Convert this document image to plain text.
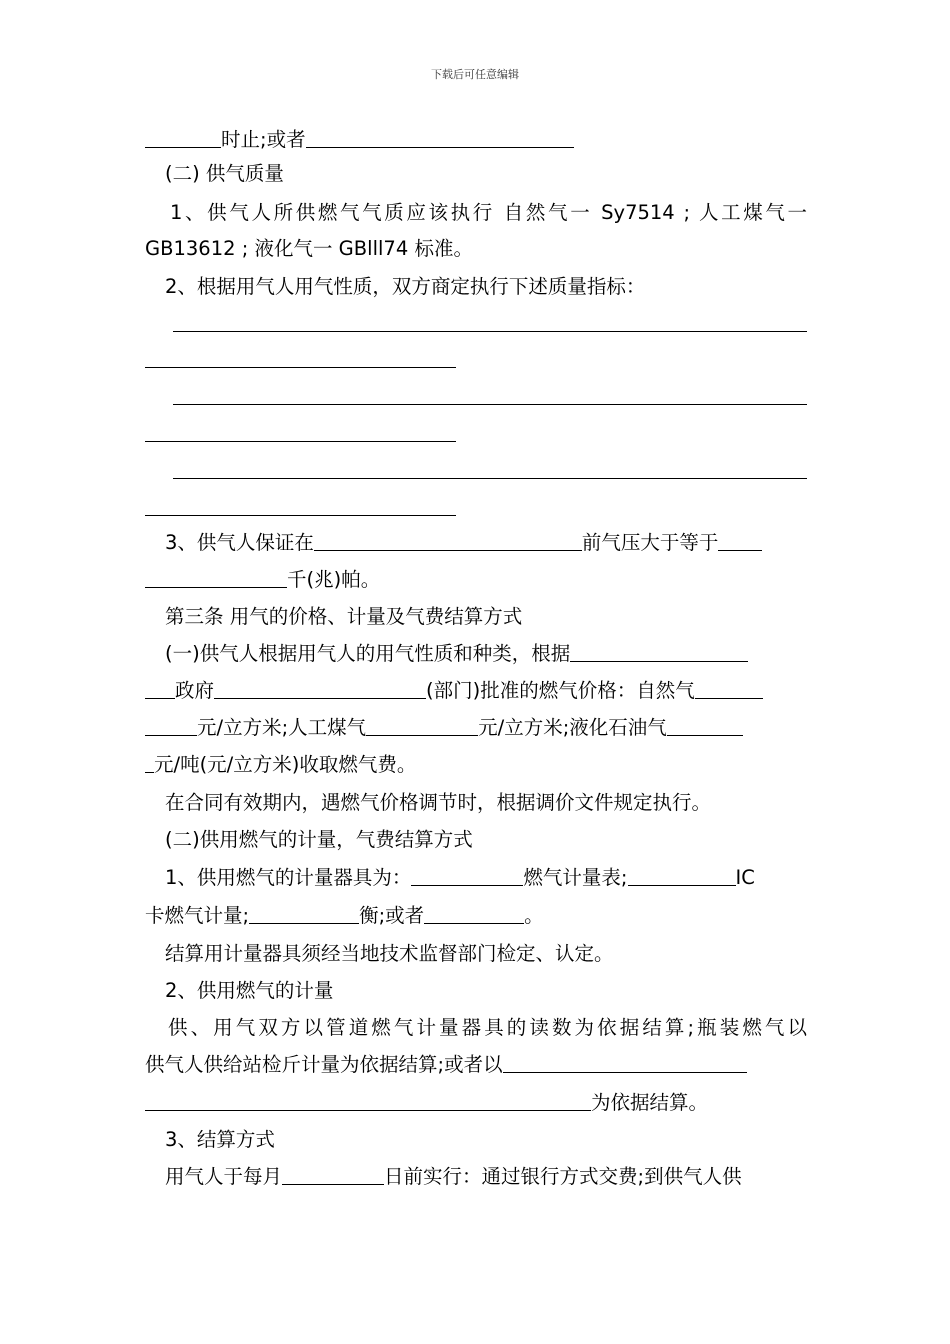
下载后可任意编辑
时止;或者
(二) 供气质量
1、供气人所供燃气气质应该执行 自然气一 Sy7514 ; 人工煤气一
GB13612 ; 液化气一 GBlll74 标准。
2、根据用气人用气性质，双方商定执行下述质量指标：
3、供气人保证在	前气压大于等于
千(兆)帕。
第三条 用气的价格、计量及气费结算方式
(一)供气人根据用气人的用气性质和种类，根据
政府	(部门)批准的燃气价格：自然气
元/立方米;人工煤气	元/立方米;液化石油气
元/吨(元/立方米)收取燃气费。
在合同有效期内，遇燃气价格调节时，根据调价文件规定执行。
(二)供用燃气的计量，气费结算方式
1、供用燃气的计量器具为：	燃气计量表;	IC
卡燃气计量;	衡;或者	。
结算用计量器具须经当地技术监督部门检定、认定。
2、供用燃气的计量
供、用气双方以管道燃气计量器具的读数为依据结算;瓶装燃气以
供气人供给站检斤计量为依据结算;或者以
为依据结算。
3、结算方式
用气人于每月	日前实行：通过银行方式交费;到供气人供
